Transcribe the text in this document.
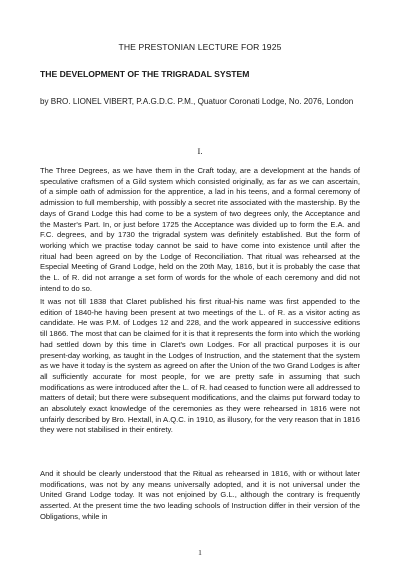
THE PRESTONIAN LECTURE FOR 1925
THE DEVELOPMENT OF THE TRIGRADAL SYSTEM
by BRO. LIONEL VIBERT, P.A.G.D.C. P.M., Quatuor Coronati Lodge, No. 2076, London
I.

The Three Degrees, as we have them in the Craft today, are a development at the hands of speculative craftsmen of a Gild system which consisted originally, as far as we can ascertain, of a simple oath of admission for the apprentice, a lad in his teens, and a formal ceremony of admission to full membership, with possibly a secret rite associated with the mastership. By the days of Grand Lodge this had come to be a system of two degrees only, the Acceptance and the Master's Part. In, or just before 1725 the Acceptance was divided up to form the E.A. and F.C. degrees, and by 1730 the trigradal system was definitely established. But the form of working which we practise today cannot be said to have come into existence until after the ritual had been agreed on by the Lodge of Reconciliation. That ritual was rehearsed at the Especial Meeting of Grand Lodge, held on the 20th May, 1816, but it is probably the case that the L. of R. did not arrange a set form of words for the whole of each ceremony and did not intend to do so.

It was not till 1838 that Claret published his first ritual-his name was first appended to the edition of 1840-he having been present at two meetings of the L. of R. as a visitor acting as candidate. He was P.M. of Lodges 12 and 228, and the work appeared in successive editions till 1866. The most that can be claimed for it is that it represents the form into which the working had settled down by this time in Claret's own Lodges. For all practical purposes it is our present-day working, as taught in the Lodges of Instruction, and the statement that the system as we have it today is the system as agreed on after the Union of the two Grand Lodges is after all sufficiently accurate for most people, for we are pretty safe in assuming that such modifications as were introduced after the L. of R. had ceased to function were all addressed to matters of detail; but there were subsequent modifications, and the claims put forward today to an absolutely exact knowledge of the ceremonies as they were rehearsed in 1816 were not unfairly described by Bro. Hextall, in A.Q.C. in 1910, as illusory, for the very reason that in 1816 they were not stabilised in their entirety.

And it should be clearly understood that the Ritual as rehearsed in 1816, with or without later modifications, was not by any means universally adopted, and it is not universal under the United Grand Lodge today. It was not enjoined by G.L., although the contrary is frequently asserted. At the present time the two leading schools of Instruction differ in their version of the Obligations, while in

1
